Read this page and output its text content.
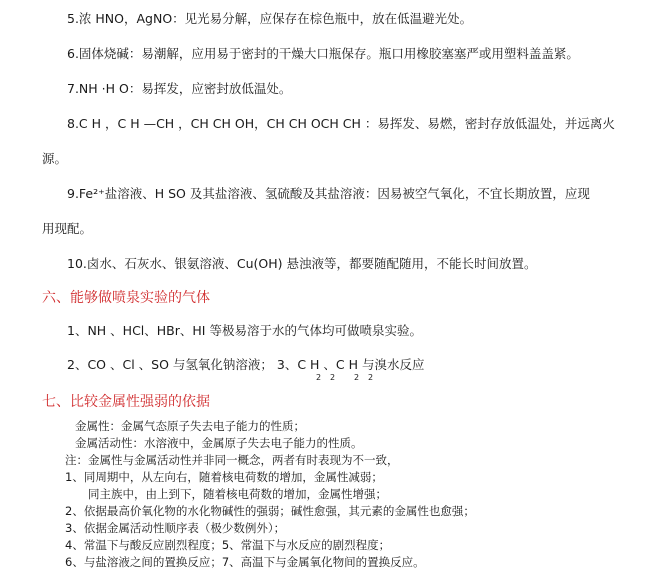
5.浓 HNO，AgNO：见光易分解，应保存在棕色瓶中，放在低温避光处。
6.固体烧碱：易潮解，应用易于密封的干燥大口瓶保存。瓶口用橡胶塞塞严或用塑料盖盖紧。
7.NH ·H O：易挥发，应密封放低温处。
8.C H ，C H —CH ，CH CH OH，CH CH OCH CH ：易挥发、易燃，密封存放低温处，并远离火
源。
9.Fe²⁺盐溶液、H SO 及其盐溶液、氢硫酸及其盐溶液：因易被空气氧化，不宜长期放置，应现
用现配。
10.卤水、石灰水、银氨溶液、Cu(OH) 悬浊液等，都要随配随用，不能长时间放置。
六、能够做喷泉实验的气体
1、NH 、HCl、HBr、HI 等极易溶于水的气体均可做喷泉实验。
2、CO 、Cl 、SO 与氢氧化钠溶液； 3、C H 、C H 与溴水反应
2 2 2 2
七、比较金属性强弱的依据
金属性：金属气态原子失去电子能力的性质；
金属活动性：水溶液中，金属原子失去电子能力的性质。
注：金属性与金属活动性并非同一概念，两者有时表现为不一致，
1、同周期中，从左向右，随着核电荷数的增加，金属性减弱；
同主族中，由上到下，随着核电荷数的增加，金属性增强；
2、依据最高价氧化物的水化物碱性的强弱；碱性愈强，其元素的金属性也愈强；
3、依据金属活动性顺序表（极少数例外）；
4、常温下与酸反应剧烈程度；5、常温下与水反应的剧烈程度；
6、与盐溶液之间的置换反应；7、高温下与金属氧化物间的置换反应。
